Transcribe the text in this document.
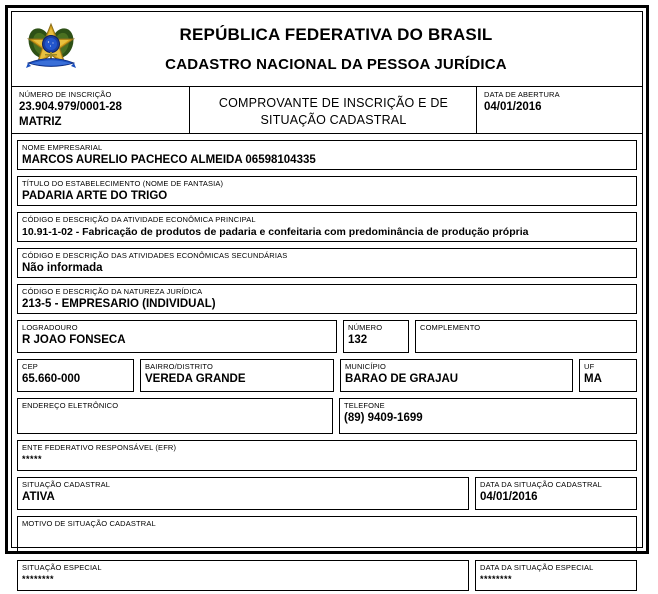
REPÚBLICA FEDERATIVA DO BRASIL
CADASTRO NACIONAL DA PESSOA JURÍDICA
NÚMERO DE INSCRIÇÃO
23.904.979/0001-28
MATRIZ
COMPROVANTE DE INSCRIÇÃO E DE
SITUAÇÃO CADASTRAL
DATA DE ABERTURA
04/01/2016
NOME EMPRESARIAL
MARCOS AURELIO PACHECO ALMEIDA 06598104335
TÍTULO DO ESTABELECIMENTO (NOME DE FANTASIA)
PADARIA ARTE DO TRIGO
CÓDIGO E DESCRIÇÃO DA ATIVIDADE ECONÔMICA PRINCIPAL
10.91-1-02 - Fabricação de produtos de padaria e confeitaria com predominância de produção própria
CÓDIGO E DESCRIÇÃO DAS ATIVIDADES ECONÔMICAS SECUNDÁRIAS
Não informada
CÓDIGO E DESCRIÇÃO DA NATUREZA JURÍDICA
213-5 - EMPRESARIO (INDIVIDUAL)
LOGRADOURO
R JOAO FONSECA
NÚMERO
132
COMPLEMENTO
CEP
65.660-000
BAIRRO/DISTRITO
VEREDA GRANDE
MUNICÍPIO
BARAO DE GRAJAU
UF
MA
ENDEREÇO ELETRÔNICO	TELEFONE
(89) 9409-1699
ENTE FEDERATIVO RESPONSÁVEL (EFR)
*****
SITUAÇÃO CADASTRAL
ATIVA
DATA DA SITUAÇÃO CADASTRAL
04/01/2016
MOTIVO DE SITUAÇÃO CADASTRAL
SITUAÇÃO ESPECIAL
********
DATA DA SITUAÇÃO ESPECIAL
********
